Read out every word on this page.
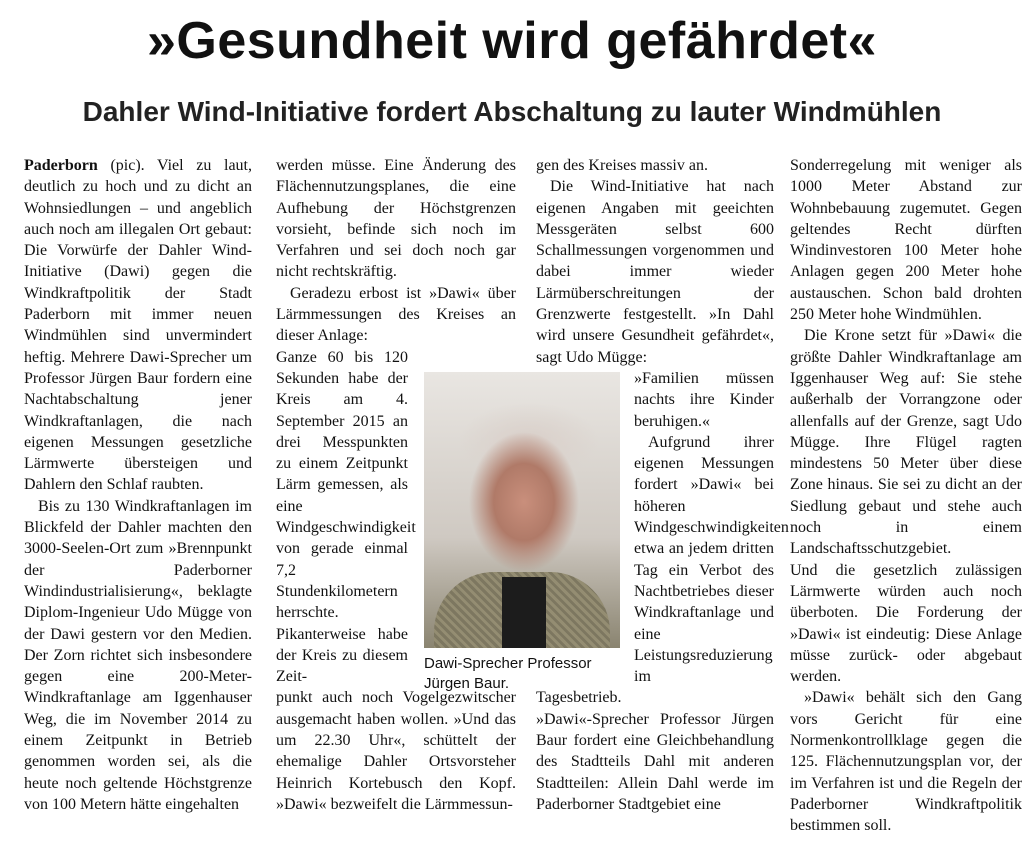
»Gesundheit wird gefährdet«
Dahler Wind-Initiative fordert Abschaltung zu lauter Windmühlen

Paderborn (pic). Viel zu laut, deutlich zu hoch und zu dicht an Wohnsiedlungen – und angeblich auch noch am illegalen Ort gebaut: Die Vorwürfe der Dahler Wind-Initiative (Dawi) gegen die Windkraftpolitik der Stadt Paderborn mit immer neuen Windmühlen sind unvermindert heftig. Mehrere Dawi-Sprecher um Professor Jürgen Baur fordern eine Nachtabschaltung jener Windkraftanlagen, die nach eigenen Messungen gesetzliche Lärmwerte übersteigen und Dahlern den Schlaf raubten.

Bis zu 130 Windkraftanlagen im Blickfeld der Dahler machten den 3000-Seelen-Ort zum »Brennpunkt der Paderborner Windindustrialisierung«, beklagte Diplom-Ingenieur Udo Mügge von der Dawi gestern vor den Medien. Der Zorn richtet sich insbesondere gegen eine 200-Meter-Windkraftanlage am Iggenhauser Weg, die im November 2014 zu einem Zeitpunkt in Betrieb genommen worden sei, als die heute noch geltende Höchstgrenze von 100 Metern hätte eingehalten

werden müsse. Eine Änderung des Flächennutzungsplanes, die eine Aufhebung der Höchstgrenzen vorsieht, befinde sich noch im Verfahren und sei doch noch gar nicht rechtskräftig.

Geradezu erbost ist »Dawi« über Lärmmessungen des Kreises an dieser Anlage:

Ganze 60 bis 120 Sekunden habe der Kreis am 4. September 2015 an drei Messpunkten zu einem Zeitpunkt Lärm gemessen, als eine Windgeschwindigkeit von gerade einmal 7,2 Stundenkilometern herrschte. Pikanterweise habe der Kreis zu diesem Zeit-
punkt auch noch Vogelgezwitscher ausgemacht haben wollen. »Und das um 22.30 Uhr«, schüttelt der ehemalige Dahler Ortsvorsteher Heinrich Kortebusch den Kopf. »Dawi« bezweifelt die Lärmmessun-

gen des Kreises massiv an.

Die Wind-Initiative hat nach eigenen Angaben mit geeichten Messgeräten selbst 600 Schallmessungen vorgenommen und dabei immer wieder Lärmüberschreitungen der Grenzwerte festgestellt. »In Dahl wird unsere Gesundheit gefährdet«, sagt Udo Mügge:

»Familien müssen nachts ihre Kinder beruhigen.«
Aufgrund ihrer eigenen Messungen fordert »Dawi« bei höheren Windgeschwindigkeiten etwa an jedem dritten Tag ein Verbot des Nachtbetriebes dieser Windkraftanlage und eine Leistungsreduzierung im
Tagesbetrieb.

»Dawi«-Sprecher Professor Jürgen Baur fordert eine Gleichbehandlung des Stadtteils Dahl mit anderen Stadtteilen: Allein Dahl werde im Paderborner Stadtgebiet eine

Sonderregelung mit weniger als 1000 Meter Abstand zur Wohnbebauung zugemutet. Gegen geltendes Recht dürften Windinvestoren 100 Meter hohe Anlagen gegen 200 Meter hohe austauschen. Schon bald drohten 250 Meter hohe Windmühlen.

Die Krone setzt für »Dawi« die größte Dahler Windkraftanlage am Iggenhauser Weg auf: Sie stehe außerhalb der Vorrangzone oder allenfalls auf der Grenze, sagt Udo Mügge. Ihre Flügel ragten mindestens 50 Meter über diese Zone hinaus. Sie sei zu dicht an der Siedlung gebaut und stehe auch noch in einem Landschaftsschutzgebiet.

Und die gesetzlich zulässigen Lärmwerte würden auch noch überboten. Die Forderung der »Dawi« ist eindeutig: Diese Anlage müsse zurück- oder abgebaut werden.

»Dawi« behält sich den Gang vors Gericht für eine Normenkontrollklage gegen die 125. Flächennutzungsplan vor, der im Verfahren ist und die Regeln der Paderborner Windkraftpolitik bestimmen soll.

Dawi-Sprecher Professor Jürgen Baur.
